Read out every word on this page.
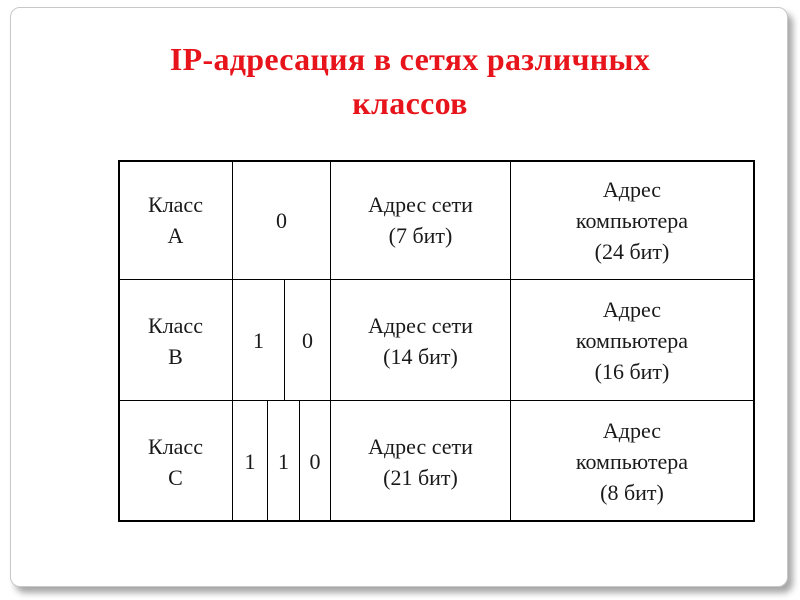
IP-адресация в сетях различных
классов
Класс
A
0
Адрес сети
(7 бит)
Адрес
компьютера
(24 бит)
Класс
B
1	0
Адрес сети
(14 бит)
Адрес
компьютера
(16 бит)
Класс
C
1	1 0
Адрес сети
(21 бит)
Адрес
компьютера
(8 бит)
